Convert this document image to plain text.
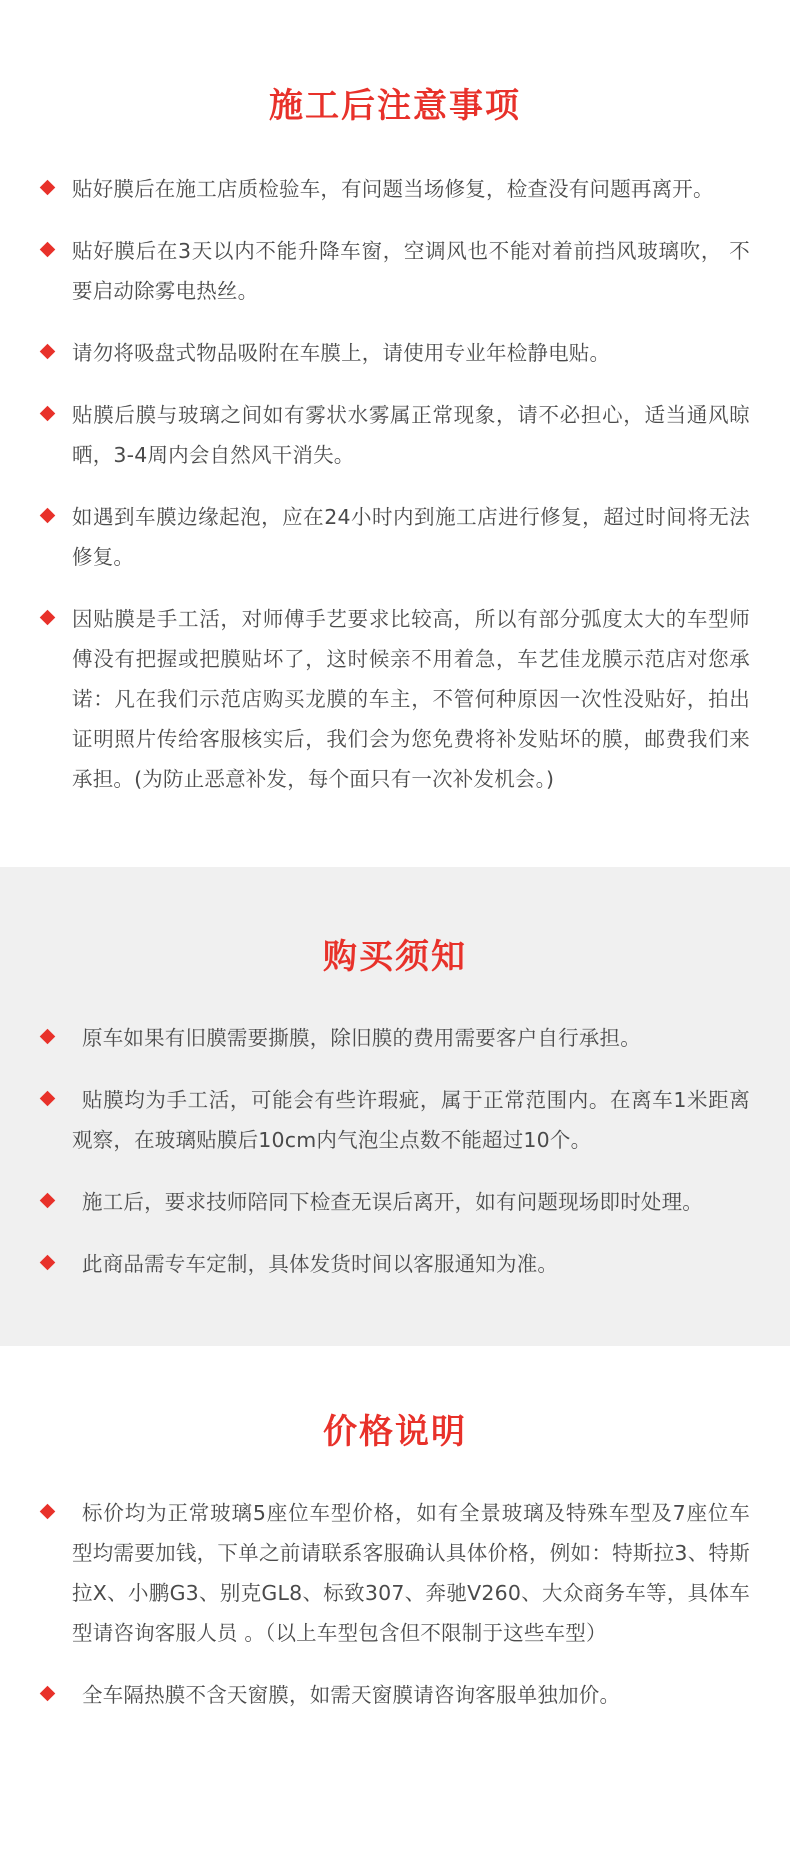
施工后注意事项
贴好膜后在施工店质检验车，有问题当场修复，检查没有问题再离开。
贴好膜后在3天以内不能升降车窗，空调风也不能对着前挡风玻璃吹， 不要启动除雾电热丝。
请勿将吸盘式物品吸附在车膜上，请使用专业年检静电贴。
贴膜后膜与玻璃之间如有雾状水雾属正常现象，请不必担心，适当通风晾晒，3-4周内会自然风干消失。
如遇到车膜边缘起泡，应在24小时内到施工店进行修复，超过时间将无法修复。
因贴膜是手工活，对师傅手艺要求比较高，所以有部分弧度太大的车型师傅没有把握或把膜贴坏了，这时候亲不用着急，车艺佳龙膜示范店对您承诺：凡在我们示范店购买龙膜的车主，不管何种原因一次性没贴好，拍出证明照片传给客服核实后，我们会为您免费将补发贴坏的膜，邮费我们来承担。(为防止恶意补发，每个面只有一次补发机会。)
购买须知
原车如果有旧膜需要撕膜，除旧膜的费用需要客户自行承担。
贴膜均为手工活，可能会有些许瑕疵，属于正常范围内。在离车1米距离观察，在玻璃贴膜后10cm内气泡尘点数不能超过10个。
施工后，要求技师陪同下检查无误后离开，如有问题现场即时处理。
此商品需专车定制，具体发货时间以客服通知为准。
价格说明
标价均为正常玻璃5座位车型价格，如有全景玻璃及特殊车型及7座位车型均需要加钱，下单之前请联系客服确认具体价格，例如：特斯拉3、特斯拉X、小鹏G3、别克GL8、标致307、奔驰V260、大众商务车等，具体车型请咨询客服人员 。（以上车型包含但不限制于这些车型）
全车隔热膜不含天窗膜，如需天窗膜请咨询客服单独加价。
